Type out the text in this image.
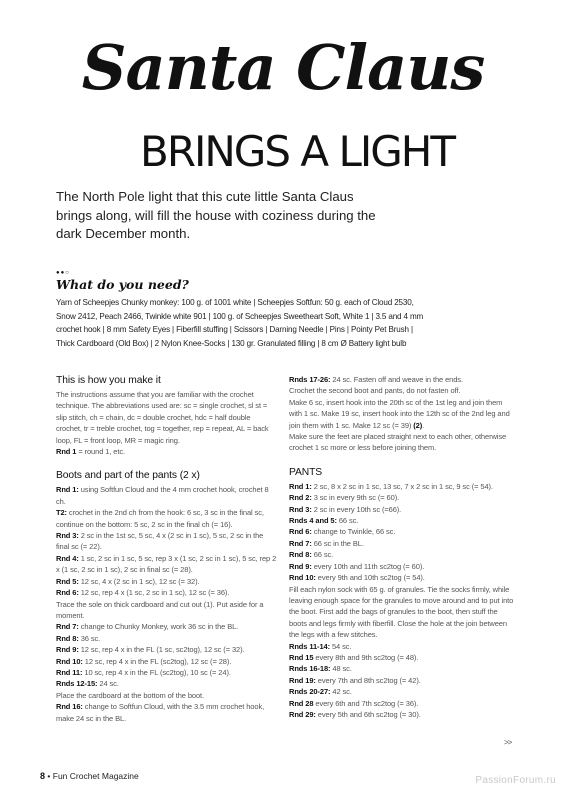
Santa Claus
BRINGS A LIGHT
The North Pole light that this cute little Santa Claus brings along, will fill the house with coziness during the dark December month.
●●○
What do you need?
Yarn of Scheepjes Chunky monkey: 100 g. of 1001 white | Scheepjes Softfun: 50 g. each of Cloud 2530,
Snow 2412, Peach 2466, Twinkle white 901 | 100 g. of Scheepjes Sweetheart Soft, White 1 | 3.5 and 4 mm
crochet hook | 8 mm Safety Eyes | Fiberfill stuffing | Scissors | Darning Needle | Pins | Pointy Pet Brush |
Thick Cardboard (Old Box) | 2 Nylon Knee-Socks | 130 gr. Granulated filling | 8 cm Ø Battery light bulb
This is how you make it

The instructions assume that you are familiar with the crochet technique. The abbreviations used are: sc = single crochet, sl st = slip stitch, ch = chain, dc = double crochet, hdc = half double crochet, tr = treble crochet, tog = together, rep = repeat, AL = back loop, FL = front loop, MR = magic ring.

Rnd 1 = round 1, etc.

Boots and part of the pants (2 x)

Rnd 1: using Softfun Cloud and the 4 mm crochet hook, crochet 8 ch.

T2: crochet in the 2nd ch from the hook: 6 sc, 3 sc in the final sc, continue on the bottom: 5 sc, 2 sc in the final ch (= 16).

Rnd 3: 2 sc in the 1st sc, 5 sc, 4 x (2 sc in 1 sc), 5 sc, 2 sc in the final sc (= 22).

Rnd 4: 1 sc, 2 sc in 1 sc, 5 sc, rep 3 x (1 sc, 2 sc in 1 sc), 5 sc, rep 2 x (1 sc, 2 sc in 1 sc), 2 sc in final sc (= 28).

Rnd 5: 12 sc, 4 x (2 sc in 1 sc), 12 sc (= 32).

Rnd 6: 12 sc, rep 4 x (1 sc, 2 sc in 1 sc), 12 sc (= 36).

Trace the sole on thick cardboard and cut out (1). Put aside for a moment.

Rnd 7: change to Chunky Monkey, work 36 sc in the BL.

Rnd 8: 36 sc.

Rnd 9: 12 sc, rep 4 x in the FL (1 sc, sc2tog), 12 sc (= 32).

Rnd 10: 12 sc, rep 4 x in the FL (sc2tog), 12 sc (= 28).

Rnd 11: 10 sc, rep 4 x in the FL (sc2tog), 10 sc (= 24).

Rnds 12-15: 24 sc.

Place the cardboard at the bottom of the boot.

Rnd 16: change to Softfun Cloud, with the 3.5 mm crochet hook, make 24 sc in the BL.

Rnds 17-26: 24 sc. Fasten off and weave in the ends.

Crochet the second boot and pants, do not fasten off.

Make 6 sc, insert hook into the 20th sc of the 1st leg and join them with 1 sc. Make 19 sc, insert hook into the 12th sc of the 2nd leg and join them with 1 sc. Make 12 sc (= 39) (2).

Make sure the feet are placed straight next to each other, otherwise crochet 1 sc more or less before joining them.

PANTS

Rnd 1: 2 sc, 8 x 2 sc in 1 sc, 13 sc, 7 x 2 sc in 1 sc, 9 sc (= 54).

Rnd 2: 3 sc in every 9th sc (= 60).

Rnd 3: 2 sc in every 10th sc (=66).

Rnds 4 and 5: 66 sc.

Rnd 6: change to Twinkle, 66 sc.

Rnd 7: 66 sc in the BL.

Rnd 8: 66 sc.

Rnd 9: every 10th and 11th sc2tog (= 60).

Rnd 10: every 9th and 10th sc2tog (= 54).

Fill each nylon sock with 65 g. of granules. Tie the socks firmly, while leaving enough space for the granules to move around and to put into the boot. First add the bags of granules to the boot, then stuff the boots and legs firmly with fiberfill. Close the hole at the join between the legs with a few stitches.

Rnds 11-14: 54 sc.

Rnd 15 every 8th and 9th sc2tog (= 48).

Rnds 16-18: 48 sc.

Rnd 19: every 7th and 8th sc2tog (= 42).

Rnds 20-27: 42 sc.

Rnd 28 every 6th and 7th sc2tog (= 36).

Rnd 29: every 5th and 6th sc2tog (= 30).

>>
8 • Fun Crochet Magazine	PassionForum.ru
